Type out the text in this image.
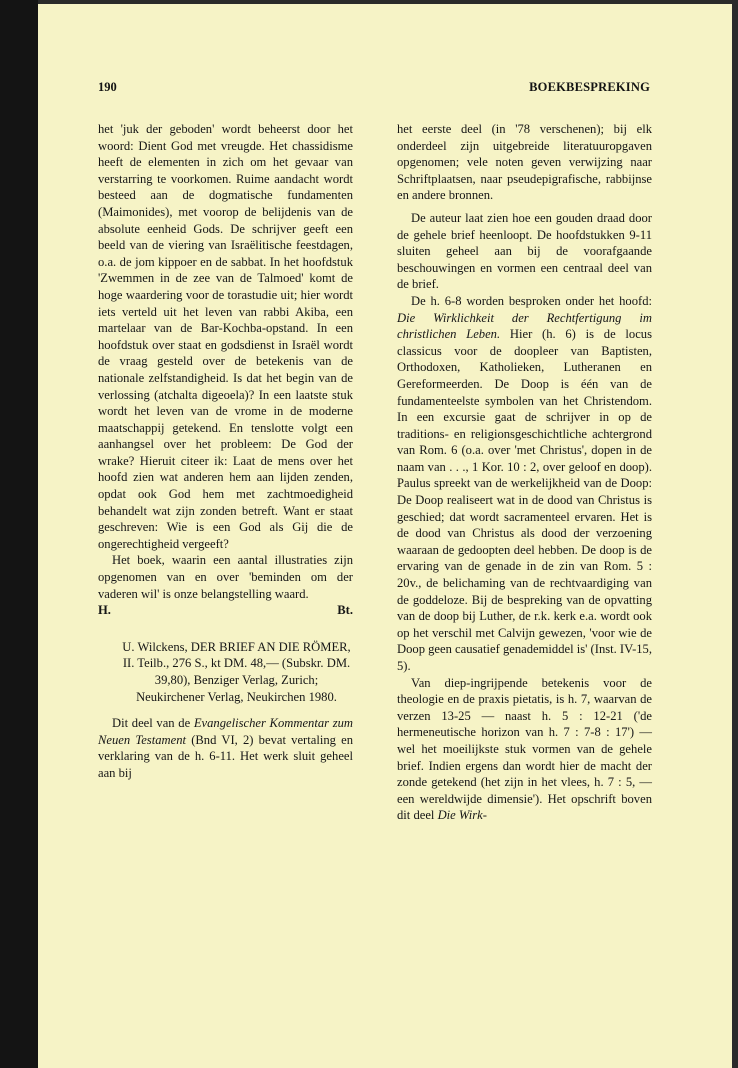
190	BOEKBESPREKING

het 'juk der geboden' wordt beheerst door het woord: Dient God met vreugde. Het chassidisme heeft de elementen in zich om het gevaar van verstarring te voorkomen. Ruime aandacht wordt besteed aan de dogmatische fundamenten (Maimonides), met voorop de belijdenis van de absolute eenheid Gods. De schrijver geeft een beeld van de viering van Israëlitische feestdagen, o.a. de jom kippoer en de sabbat. In het hoofdstuk 'Zwemmen in de zee van de Talmoed' komt de hoge waardering voor de torastudie uit; hier wordt iets verteld uit het leven van rabbi Akiba, een martelaar van de Bar-Kochba-opstand. In een hoofdstuk over staat en godsdienst in Israël wordt de vraag gesteld over de betekenis van de nationale zelfstandigheid. Is dat het begin van de verlossing (atchalta digeoela)? In een laatste stuk wordt het leven van de vrome in de moderne maatschappij getekend. En tenslotte volgt een aanhangsel over het probleem: De God der wrake? Hieruit citeer ik: Laat de mens over het hoofd zien wat anderen hem aan lijden zenden, opdat ook God hem met zachtmoedigheid behandelt wat zijn zonden betreft. Want er staat geschreven: Wie is een God als Gij die de ongerechtigheid vergeeft?

Het boek, waarin een aantal illustraties zijn opgenomen van en over 'beminden om der vaderen wil' is onze belangstelling waard.

H.	Bt.
U. Wilckens, DER BRIEF AN DIE RÖMER, II. Teilb., 276 S., kt DM. 48,— (Subskr. DM. 39,80), Benziger Verlag, Zurich; Neukirchener Verlag, Neukirchen 1980.

Dit deel van de Evangelischer Kommentar zum Neuen Testament (Bnd VI, 2) bevat vertaling en verklaring van de h. 6-11. Het werk sluit geheel aan bij

het eerste deel (in '78 verschenen); bij elk onderdeel zijn uitgebreide literatuuropgaven opgenomen; vele noten geven verwijzing naar Schriftplaatsen, naar pseudepigrafische, rabbijnse en andere bronnen.

De auteur laat zien hoe een gouden draad door de gehele brief heenloopt. De hoofdstukken 9-11 sluiten geheel aan bij de voorafgaande beschouwingen en vormen een centraal deel van de brief.

De h. 6-8 worden besproken onder het hoofd: Die Wirklichkeit der Rechtfertigung im christlichen Leben. Hier (h. 6) is de locus classicus voor de doopleer van Baptisten, Orthodoxen, Katholieken, Lutheranen en Gereformeerden. De Doop is één van de fundamenteelste symbolen van het Christendom. In een excursie gaat de schrijver in op de traditions- en religionsgeschichtliche achtergrond van Rom. 6 (o.a. over 'met Christus', dopen in de naam van . . ., 1 Kor. 10 : 2, over geloof en doop). Paulus spreekt van de werkelijkheid van de Doop: De Doop realiseert wat in de dood van Christus is geschied; dat wordt sacramenteel ervaren. Het is de dood van Christus als dood der verzoening waaraan de gedoopten deel hebben. De doop is de ervaring van de genade in de zin van Rom. 5 : 20v., de belichaming van de rechtvaardiging van de goddeloze. Bij de bespreking van de opvatting van de doop bij Luther, de r.k. kerk e.a. wordt ook op het verschil met Calvijn gewezen, 'voor wie de Doop geen causatief genademiddel is' (Inst. IV-15, 5).

Van diep-ingrijpende betekenis voor de theologie en de praxis pietatis, is h. 7, waarvan de verzen 13-25 — naast h. 5 : 12-21 ('de hermeneutische horizon van h. 7 : 7-8 : 17') — wel het moeilijkste stuk vormen van de gehele brief. Indien ergens dan wordt hier de macht der zonde getekend (het zijn in het vlees, h. 7 : 5, — een wereldwijde dimensie'). Het opschrift boven dit deel Die Wirk-
